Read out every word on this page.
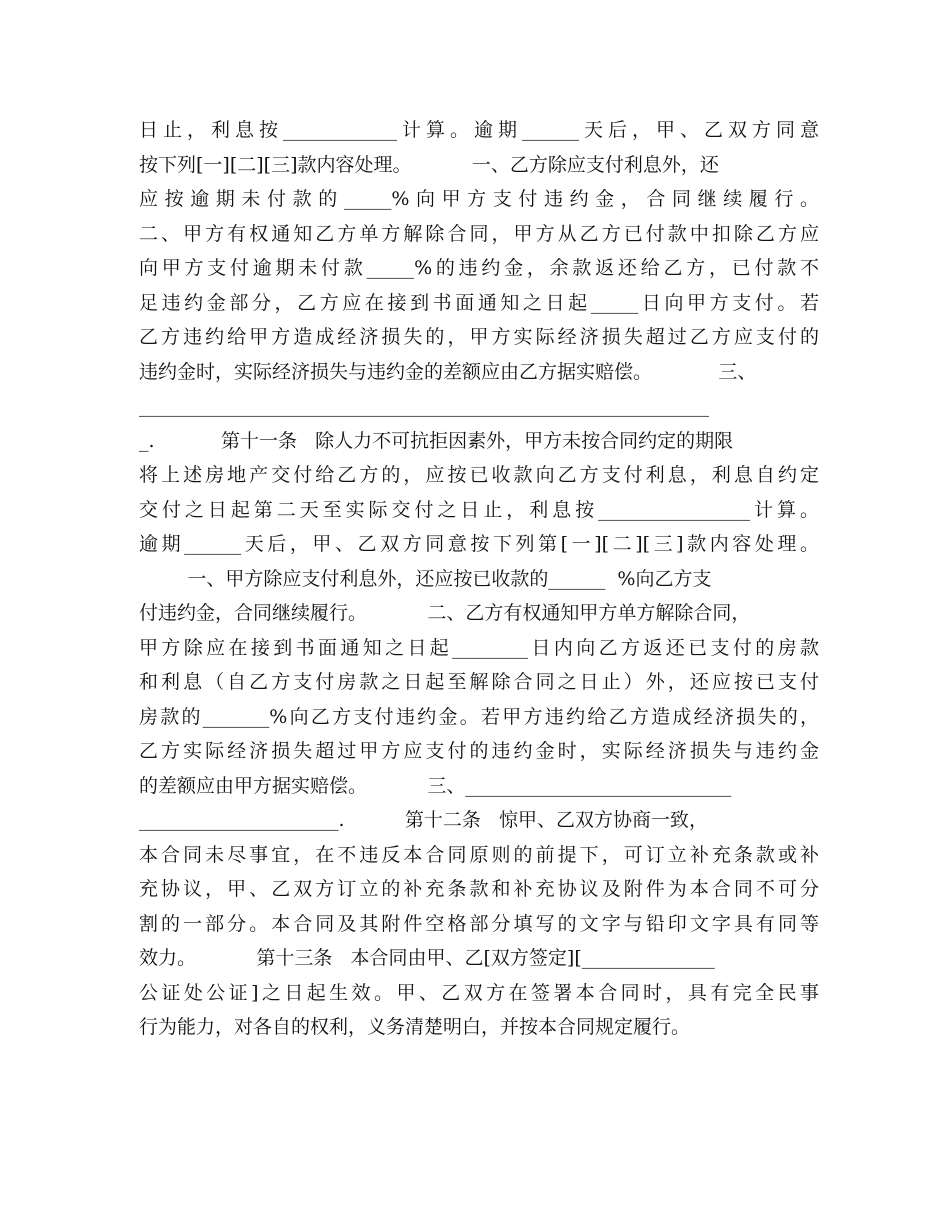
日止，利息按____________计算。逾期______天后，甲、乙双方同意
按下列[一][二][三]款内容处理。          一、乙方除应支付利息外，还
应按逾期未付款的_____%向甲方支付违约金，合同继续履行。
二、甲方有权通知乙方单方解除合同，甲方从乙方已付款中扣除乙方应
向甲方支付逾期未付款_____%的违约金，余款返还给乙方，已付款不
足违约金部分，乙方应在接到书面通知之日起_____日向甲方支付。若
乙方违约给甲方造成经济损失的，甲方实际经济损失超过乙方应支付的
违约金时，实际经济损失与违约金的差额应由乙方据实赔偿。           三、
____________________________________________________________
_.           第十一条   除人力不可抗拒因素外，甲方未按合同约定的期限
将上述房地产交付给乙方的，应按已收款向乙方支付利息，利息自约定
交付之日起第二天至实际交付之日止，利息按________________计算。
逾期______天后，甲、乙双方同意按下列第[一][二][三]款内容处理。
一、甲方除应支付利息外，还应按已收款的______  %向乙方支
付违约金，合同继续履行。          二、乙方有权通知甲方单方解除合同，
甲方除应在接到书面通知之日起________日内向乙方返还已支付的房款
和利息（自乙方支付房款之日起至解除合同之日止）外，还应按已支付
房款的_______%向乙方支付违约金。若甲方违约给乙方造成经济损失的，
乙方实际经济损失超过甲方应支付的违约金时，实际经济损失与违约金
的差额应由甲方据实赔偿。          三、____________________________
_____________________.          第十二条   惊甲、乙双方协商一致，
本合同未尽事宜，在不违反本合同原则的前提下，可订立补充条款或补
充协议，甲、乙双方订立的补充条款和补充协议及附件为本合同不可分
割的一部分。本合同及其附件空格部分填写的文字与铅印文字具有同等
效力。          第十三条   本合同由甲、乙[双方签定][______________
公证处公证]之日起生效。甲、乙双方在签署本合同时，具有完全民事
行为能力，对各自的权利，义务清楚明白，并按本合同规定履行。
